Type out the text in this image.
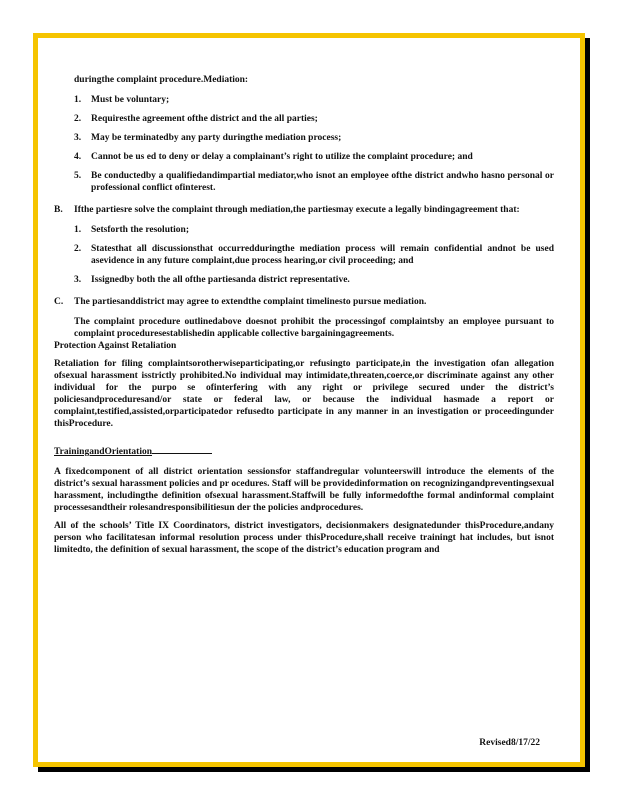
duringthe complaint procedure.Mediation:

1. Must be voluntary;
2. Requiresthe agreement ofthe district and the all parties;
3. May be terminatedby any party duringthe mediation process;
4. Cannot be us ed to deny or delay a complainant’s right to utilize the complaint procedure; and
5. Be conductedby a qualifiedandimpartial mediator,who isnot an employee ofthe district andwho hasno personal or professional conflict ofinterest.
B. Ifthe partiesre solve the complaint through mediation,the partiesmay execute a legally bindingagreement that:
1. Setsforth the resolution;
2. Statesthat all discussionsthat occurredduringthe mediation process will remain confidential andnot be used asevidence in any future complaint,due process hearing,or civil proceeding; and
3. Issignedby both the all ofthe partiesanda district representative.
C. The partiesanddistrict may agree to extendthe complaint timelinesto pursue mediation.

The complaint procedure outlinedabove doesnot prohibit the processingof complaintsby an employee pursuant to complaint proceduresestablishedin applicable collective bargainingagreements.

Protection Against Retaliation

Retaliation for filing complaintsorotherwiseparticipating,or refusingto participate,in the investigation ofan allegation ofsexual harassment isstrictly prohibited.No individual may intimidate,threaten,coerce,or discriminate against any other individual for the purpo se ofinterfering with any right or privilege secured under the district’s policiesandproceduresand/or state or federal law, or because the individual hasmade a report or complaint,testified,assisted,orparticipatedor refusedto participate in any manner in an investigation or proceedingunder thisProcedure.

TrainingandOrientation

A fixedcomponent of all district orientation sessionsfor staffandregular volunteerswill introduce the elements of the district’s sexual harassment policies and pr ocedures. Staff will be providedinformation on recognizingandpreventingsexual harassment, includingthe definition ofsexual harassment.Staffwill be fully informedofthe formal andinformal complaint processesandtheir rolesandresponsibilitiesun der the policies andprocedures.

All of the schools’ Title IX Coordinators, district investigators, decisionmakers designatedunder thisProcedure,andany person who facilitatesan informal resolution process under thisProcedure,shall receive trainingt hat includes, but isnot limitedto, the definition of sexual harassment, the scope of the district’s education program and

Revised8/17/22
